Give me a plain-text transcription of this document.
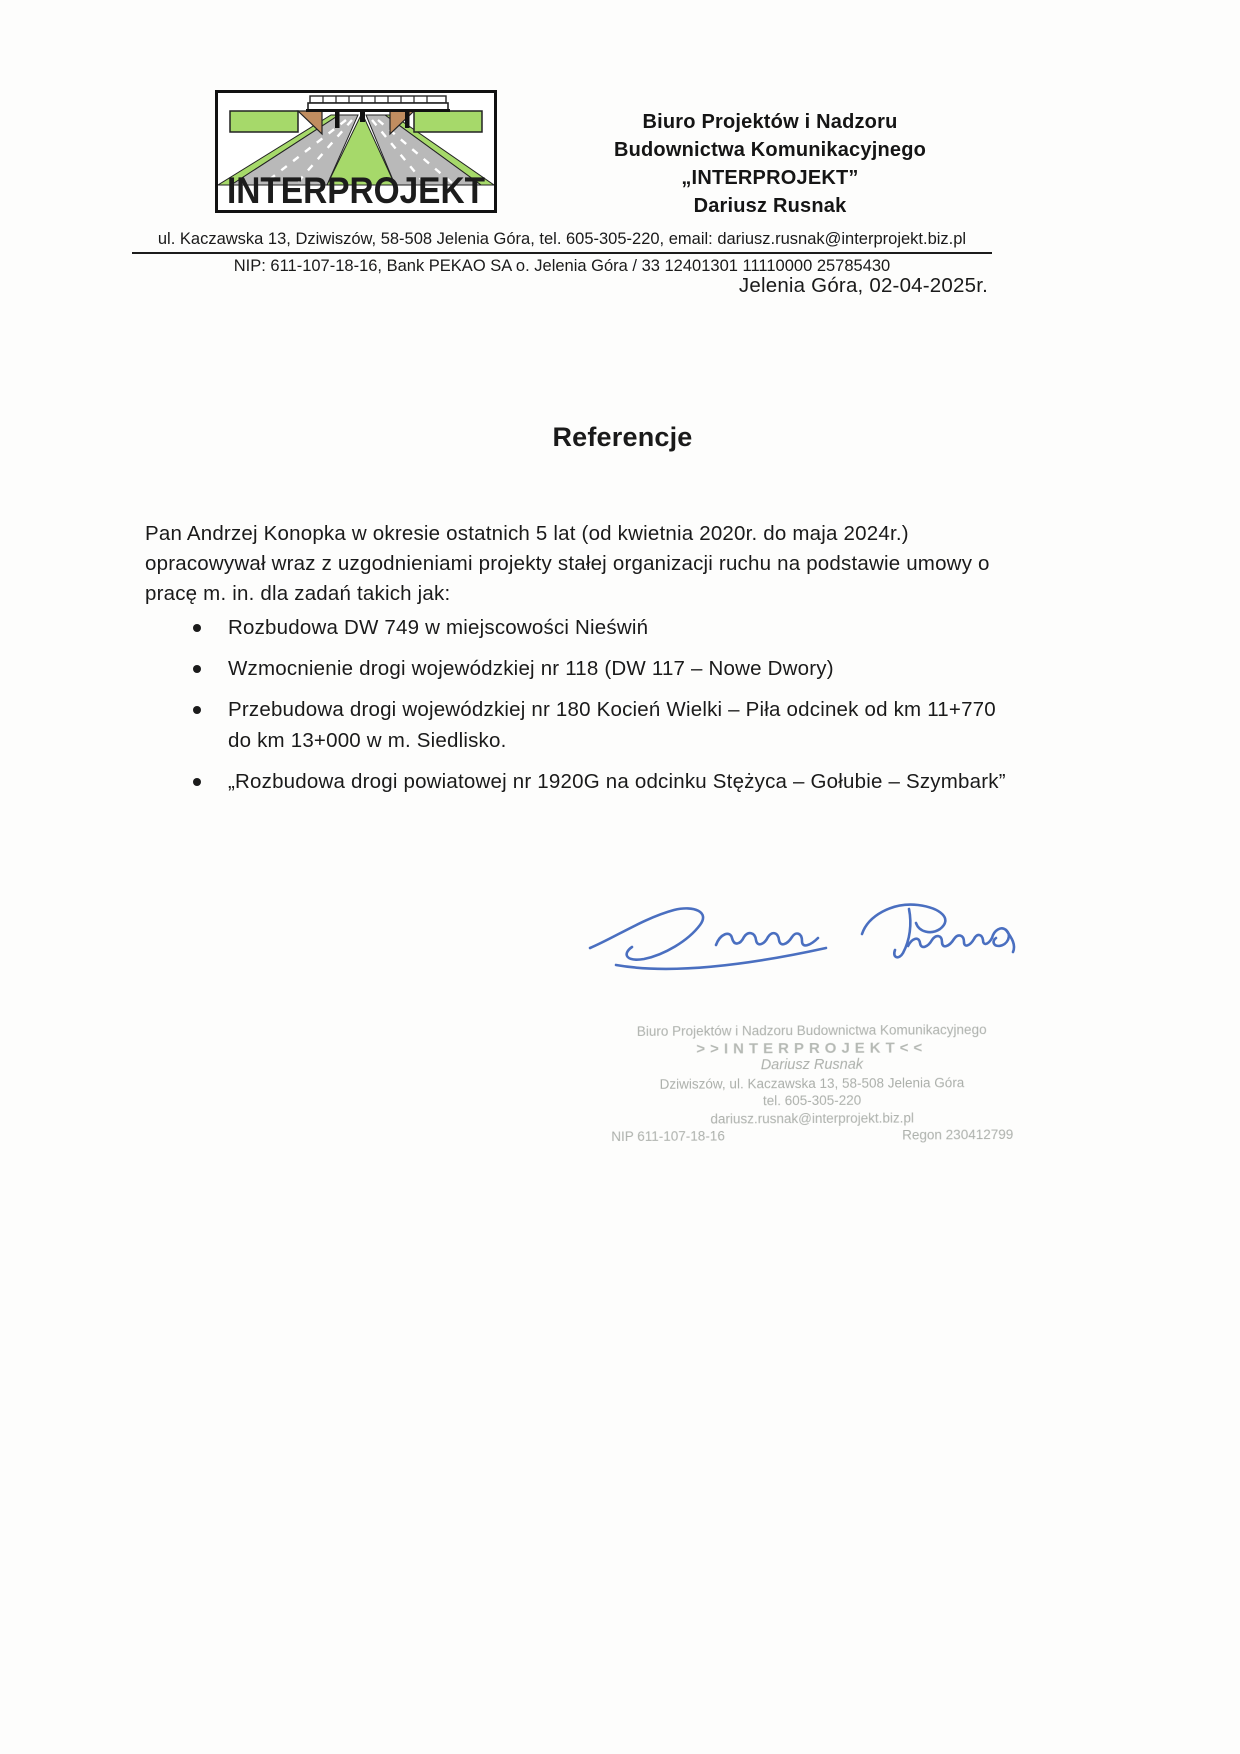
INTERPROJEKT
Biuro Projektów i Nadzoru
Budownictwa Komunikacyjnego
„INTERPROJEKT”
Dariusz Rusnak
ul. Kaczawska 13, Dziwiszów, 58-508 Jelenia Góra, tel. 605-305-220, email: dariusz.rusnak@interprojekt.biz.pl
NIP: 611-107-18-16, Bank PEKAO SA o. Jelenia Góra / 33 12401301 11110000 25785430
Jelenia Góra, 02-04-2025r.
Referencje
Pan Andrzej Konopka w okresie ostatnich 5 lat (od kwietnia 2020r. do maja 2024r.)
opracowywał wraz z uzgodnieniami projekty stałej organizacji ruchu na podstawie umowy o
pracę m. in. dla zadań takich jak:
Rozbudowa DW 749 w miejscowości Nieświń
Wzmocnienie drogi wojewódzkiej nr 118 (DW 117 – Nowe Dwory)
Przebudowa drogi wojewódzkiej nr 180 Kocień Wielki – Piła odcinek od km 11+770
do km 13+000 w m. Siedlisko.
„Rozbudowa drogi powiatowej nr 1920G na odcinku Stężyca – Gołubie – Szymbark”
Biuro Projektów i Nadzoru Budownictwa Komunikacyjnego
>>INTERPROJEKT<<
Dariusz Rusnak
Dziwiszów, ul. Kaczawska 13, 58-508 Jelenia Góra
tel. 605-305-220
dariusz.rusnak@interprojekt.biz.pl
NIP 611-107-18-16	Regon 230412799
